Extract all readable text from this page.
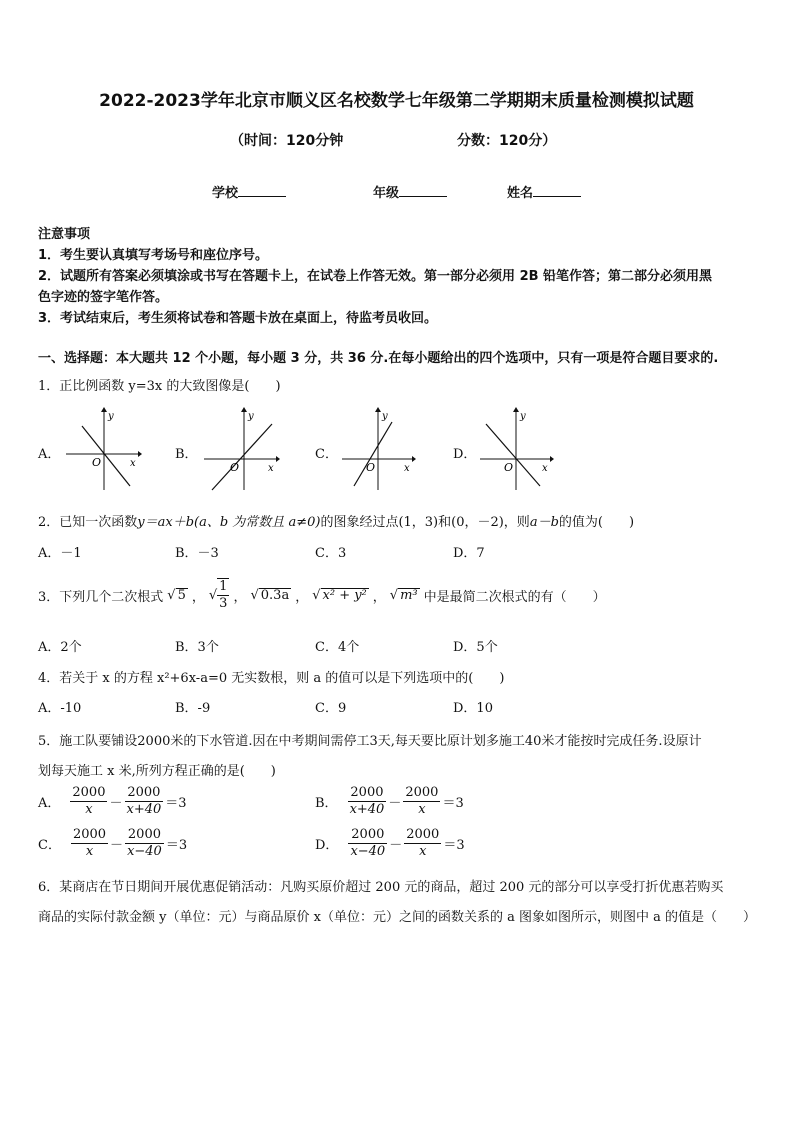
2022-2023学年北京市顺义区名校数学七年级第二学期期末质量检测模拟试题
（时间：120分钟	分数：120分）
学校	年级	姓名
注意事项
1．考生要认真填写考场号和座位序号。
2．试题所有答案必须填涂或书写在答题卡上，在试卷上作答无效。第一部分必须用 2B 铅笔作答；第二部分必须用黑
色字迹的签字笔作答。
3．考试结束后，考生须将试卷和答题卡放在桌面上，待监考员收回。
一、选择题：本大题共 12 个小题，每小题 3 分，共 36 分.在每小题给出的四个选项中，只有一项是符合题目要求的.
1．正比例函数 y=3x 的大致图像是(　　)
A．	B．	C．	D．
y
x
O
y
x
O
y
x
O
y
x
O
2．已知一次函数y＝ax＋b(a、b 为常数且 a≠0)的图象经过点(1，3)和(0，－2)，则a－b的值为(　　)
A．－1	B．－3	C．3	D．7
3．下列几个二次根式 √ 5 ， √ $\frac{1}{3}$ ， √ 0.3a ， √ x² + y² ， √ m³ 中是最简二次根式的有（　　）
A．2个	B．3个	C．4个	D．5个
4．若关于 x 的方程 x²+6x-a=0 无实数根，则 a 的值可以是下列选项中的(　　)
A．-10	B．-9	C．9	D．10
5．施工队要铺设2000米的下水管道.因在中考期间需停工3天,每天要比原计划多施工40米才能按时完成任务.设原计
划每天施工 x 米,所列方程正确的是(　　)
A． $\frac{2000}{x} - \frac{2000}{x+40} =3$	B． $\frac{2000}{x+40} - \frac{2000}{x} =3$
C． $\frac{2000}{x} - \frac{2000}{x-40} =3$	D． $\frac{2000}{x-40} - \frac{2000}{x} =3$
6．某商店在节日期间开展优惠促销活动：凡购买原价超过 200 元的商品，超过 200 元的部分可以享受打折优惠若购买
商品的实际付款金额 y（单位：元）与商品原价 x（单位：元）之间的函数关系的 a 图象如图所示，则图中 a 的值是（　　）
